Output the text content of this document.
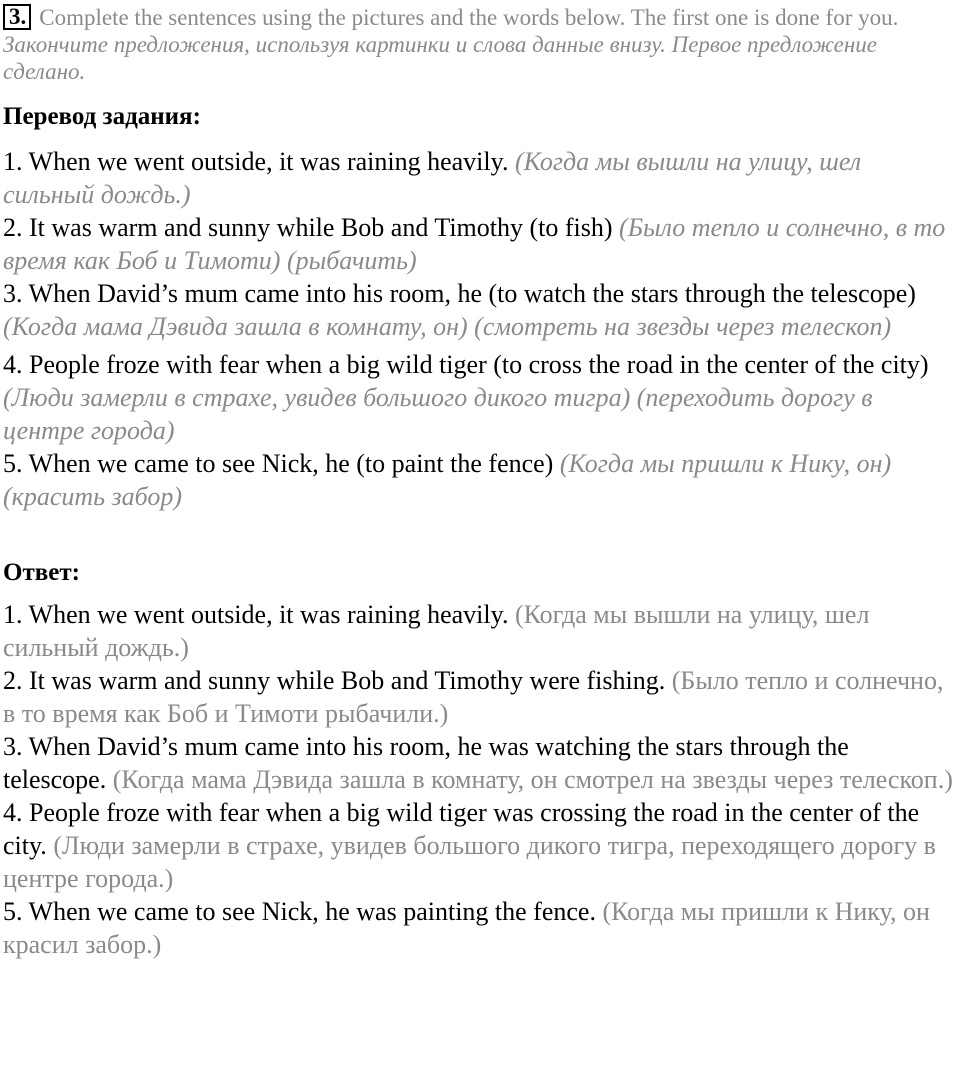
3. Complete the sentences using the pictures and the words below. The first one is done for you.

Закончите предложения, используя картинки и слова данные внизу. Первое предложение сделано.

Перевод задания:

1. When we went outside, it was raining heavily. (Когда мы вышли на улицу, шел сильный дождь.)
2. It was warm and sunny while Bob and Timothy (to fish) (Было тепло и солнечно, в то время как Боб и Тимоти) (рыбачить)
3. When David’s mum came into his room, he (to watch the stars through the telescope) (Когда мама Дэвида зашла в комнату, он) (смотреть на звезды через телескоп)
4. People froze with fear when a big wild tiger (to cross the road in the center of the city) (Люди замерли в страхе, увидев большого дикого тигра) (переходить дорогу в центре города)
5. When we came to see Nick, he (to paint the fence) (Когда мы пришли к Нику, он) (красить забор)

Ответ:

1. When we went outside, it was raining heavily. (Когда мы вышли на улицу, шел сильный дождь.)
2. It was warm and sunny while Bob and Timothy were fishing. (Было тепло и солнечно, в то время как Боб и Тимоти рыбачили.)
3. When David’s mum came into his room, he was watching the stars through the telescope. (Когда мама Дэвида зашла в комнату, он смотрел на звезды через телескоп.)
4. People froze with fear when a big wild tiger was crossing the road in the center of the city. (Люди замерли в страхе, увидев большого дикого тигра, переходящего дорогу в центре города.)
5. When we came to see Nick, he was painting the fence. (Когда мы пришли к Нику, он красил забор.)
